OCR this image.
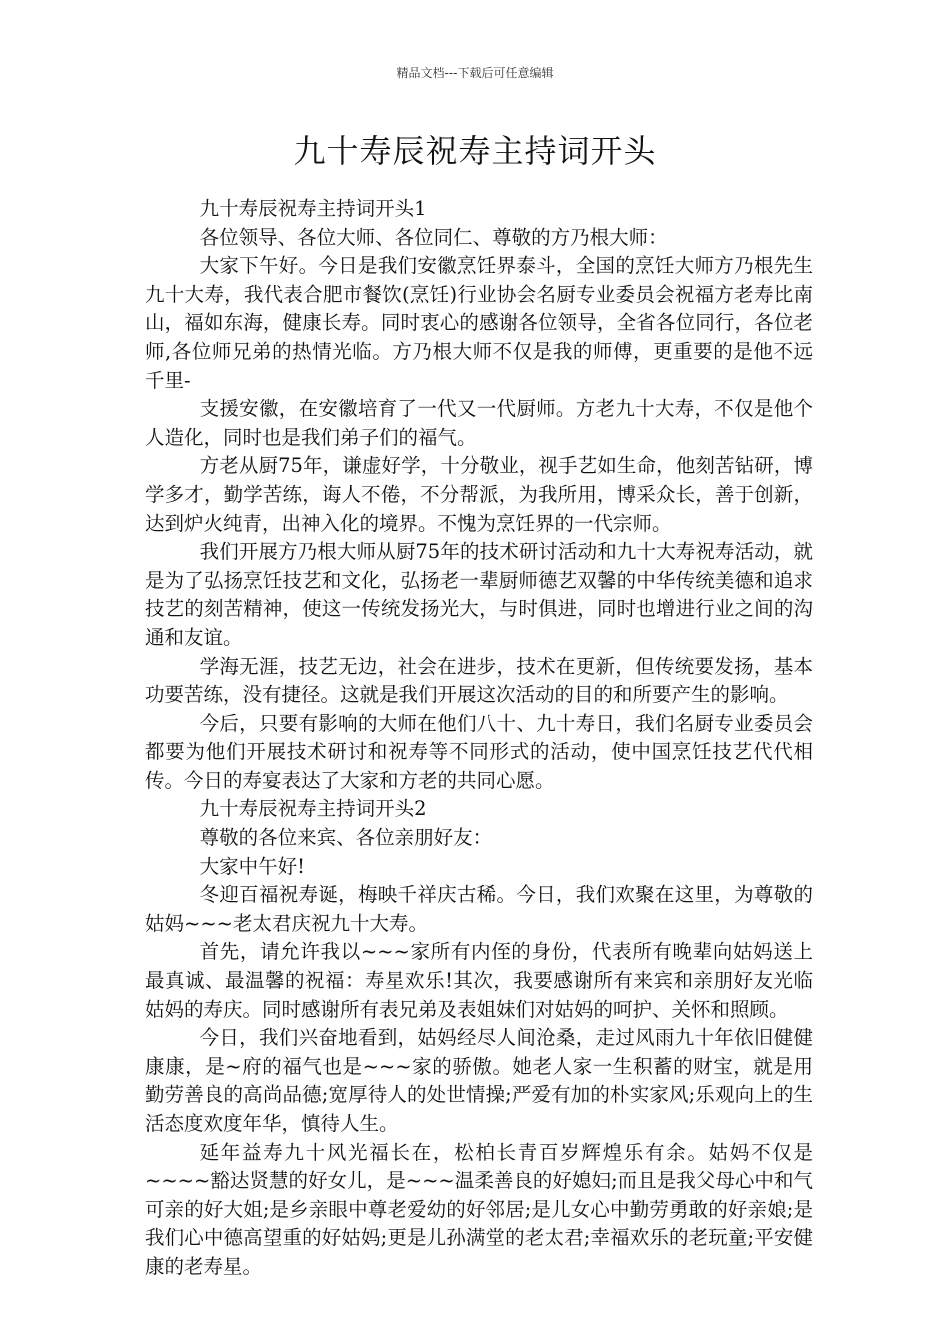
精品文档---下载后可任意编辑
九十寿辰祝寿主持词开头

九十寿辰祝寿主持词开头1

各位领导、各位大师、各位同仁、尊敬的方乃根大师：

大家下午好。今日是我们安徽烹饪界泰斗，全国的烹饪大师方乃根先生九十大寿，我代表合肥市餐饮(烹饪)行业协会名厨专业委员会祝福方老寿比南山，福如东海，健康长寿。同时衷心的感谢各位领导，全省各位同行，各位老师,各位师兄弟的热情光临。方乃根大师不仅是我的师傅，更重要的是他不远千里-

支援安徽，在安徽培育了一代又一代厨师。方老九十大寿，不仅是他个人造化，同时也是我们弟子们的福气。

方老从厨75年，谦虚好学，十分敬业，视手艺如生命，他刻苦钻研，博学多才，勤学苦练，诲人不倦，不分帮派，为我所用，博采众长，善于创新，达到炉火纯青，出神入化的境界。不愧为烹饪界的一代宗师。

我们开展方乃根大师从厨75年的技术研讨活动和九十大寿祝寿活动，就是为了弘扬烹饪技艺和文化，弘扬老一辈厨师德艺双馨的中华传统美德和追求技艺的刻苦精神，使这一传统发扬光大，与时俱进，同时也增进行业之间的沟通和友谊。

学海无涯，技艺无边，社会在进步，技术在更新，但传统要发扬，基本功要苦练，没有捷径。这就是我们开展这次活动的目的和所要产生的影响。

今后，只要有影响的大师在他们八十、九十寿日，我们名厨专业委员会都要为他们开展技术研讨和祝寿等不同形式的活动，使中国烹饪技艺代代相传。今日的寿宴表达了大家和方老的共同心愿。

九十寿辰祝寿主持词开头2

尊敬的各位来宾、各位亲朋好友：

大家中午好!

冬迎百福祝寿诞，梅映千祥庆古稀。今日，我们欢聚在这里，为尊敬的姑妈~~~老太君庆祝九十大寿。

首先，请允许我以~~~家所有内侄的身份，代表所有晚辈向姑妈送上最真诚、最温馨的祝福：寿星欢乐!其次，我要感谢所有来宾和亲朋好友光临姑妈的寿庆。同时感谢所有表兄弟及表姐妹们对姑妈的呵护、关怀和照顾。

今日，我们兴奋地看到，姑妈经尽人间沧桑，走过风雨九十年依旧健健康康，是~府的福气也是~~~家的骄傲。她老人家一生积蓄的财宝，就是用勤劳善良的高尚品德;宽厚待人的处世情操;严爱有加的朴实家风;乐观向上的生活态度欢度年华，慎待人生。

延年益寿九十风光福长在，松柏长青百岁辉煌乐有余。姑妈不仅是~~~~豁达贤慧的好女儿，是~~~温柔善良的好媳妇;而且是我父母心中和气可亲的好大姐;是乡亲眼中尊老爱幼的好邻居;是儿女心中勤劳勇敢的好亲娘;是我们心中德高望重的好姑妈;更是儿孙满堂的老太君;幸福欢乐的老玩童;平安健康的老寿星。
